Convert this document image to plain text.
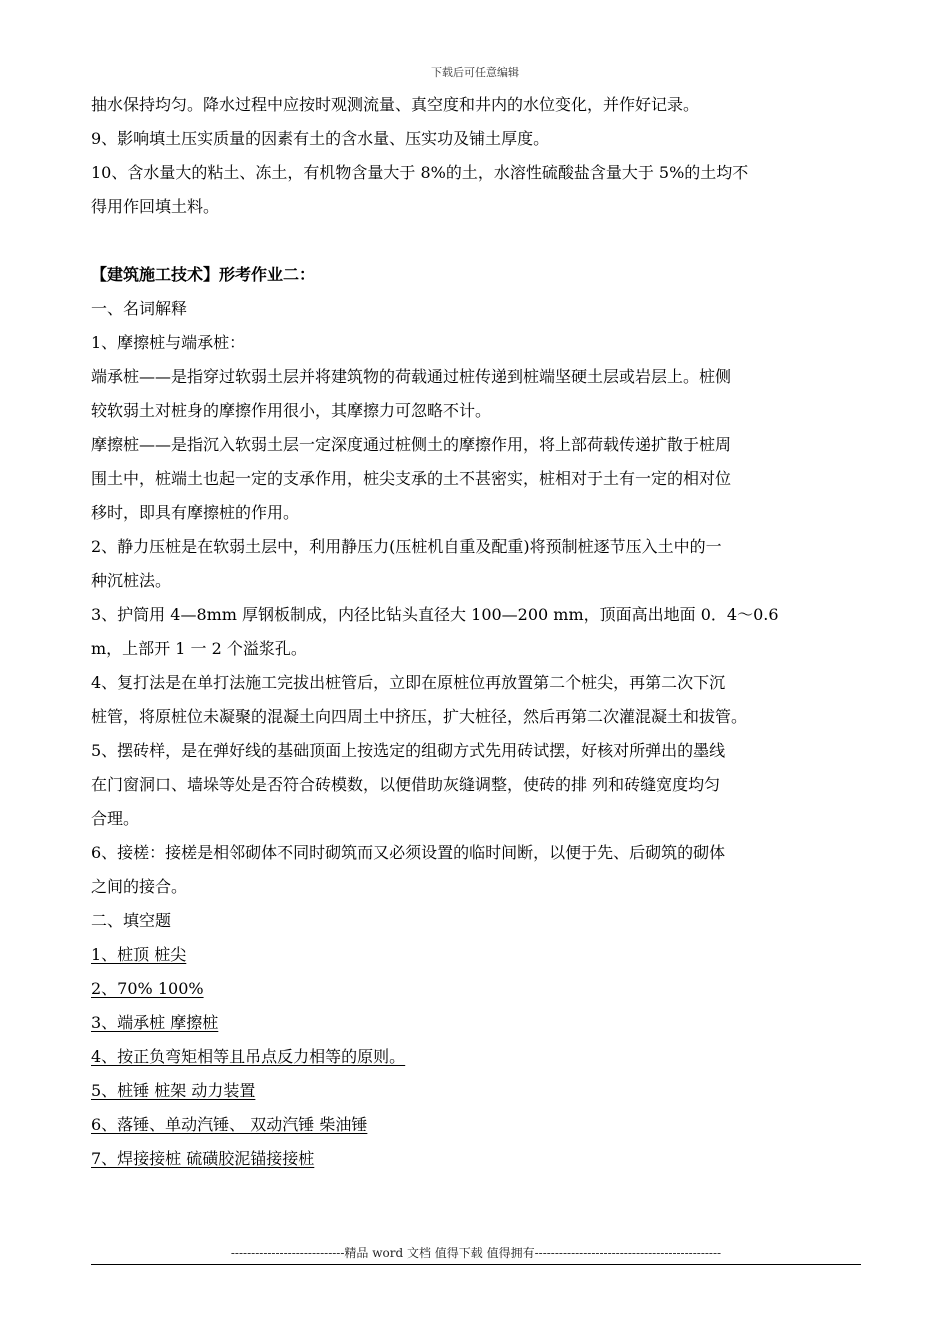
下载后可任意编辑
抽水保持均匀。降水过程中应按时观测流量、真空度和井内的水位变化，并作好记录。
9、影响填土压实质量的因素有土的含水量、压实功及铺土厚度。
10、含水量大的粘土、冻土，有机物含量大于 8%的土，水溶性硫酸盐含量大于 5%的土均不
得用作回填土料。
【建筑施工技术】形考作业二：
一、名词解释
1、摩擦桩与端承桩：
端承桩——是指穿过软弱土层并将建筑物的荷载通过桩传递到桩端坚硬土层或岩层上。桩侧
较软弱土对桩身的摩擦作用很小，其摩擦力可忽略不计。
摩擦桩——是指沉入软弱土层一定深度通过桩侧土的摩擦作用，将上部荷载传递扩散于桩周
围土中，桩端土也起一定的支承作用，桩尖支承的土不甚密实，桩相对于土有一定的相对位
移时，即具有摩擦桩的作用。
2、静力压桩是在软弱土层中，利用静压力(压桩机自重及配重)将预制桩逐节压入土中的一
种沉桩法。
3、护筒用 4—8mm 厚钢板制成，内径比钻头直径大 100—200 mm，顶面高出地面 0．4～0.6
m，上部开 1 一 2 个溢浆孔。
4、复打法是在单打法施工完拔出桩管后，立即在原桩位再放置第二个桩尖，再第二次下沉
桩管，将原桩位未凝聚的混凝土向四周土中挤压，扩大桩径，然后再第二次灌混凝土和拔管。
5、摆砖样，是在弹好线的基础顶面上按选定的组砌方式先用砖试摆，好核对所弹出的墨线
在门窗洞口、墙垛等处是否符合砖模数，以便借助灰缝调整，使砖的排 列和砖缝宽度均匀
合理。
6、接槎：接槎是相邻砌体不同时砌筑而又必须设置的临时间断，以便于先、后砌筑的砌体
之间的接合。
二、填空题
1、桩顶 桩尖
2、70% 100%
3、端承桩 摩擦桩
4、按正负弯矩相等且吊点反力相等的原则。
5、桩锤 桩架 动力装置
6、落锤、单动汽锤、 双动汽锤 柴油锤
7、焊接接桩 硫磺胶泥锚接接桩
----------------------------精品 word 文档 值得下载 值得拥有----------------------------------------------
